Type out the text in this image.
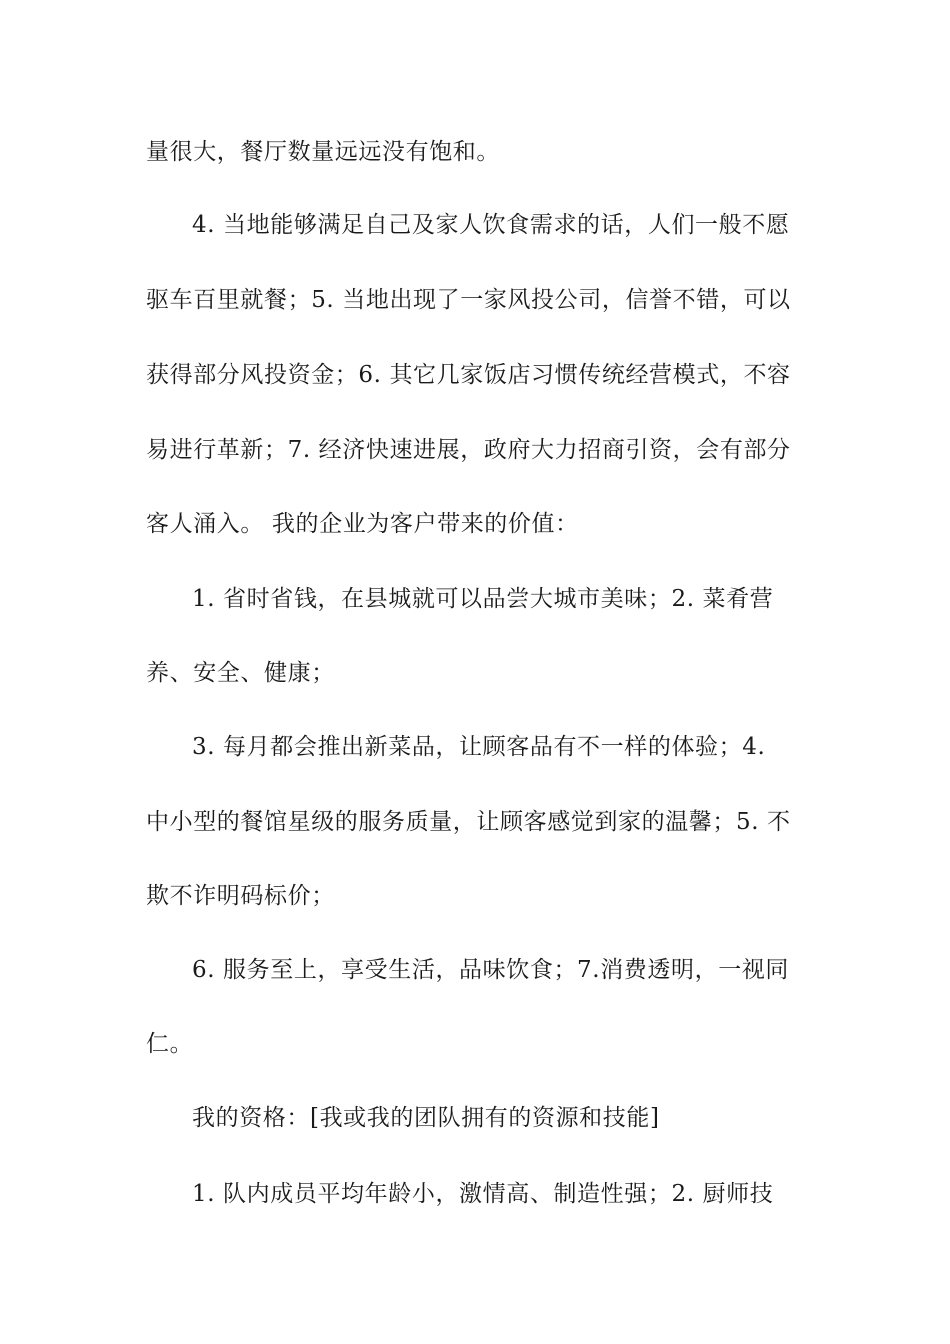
量很大，餐厅数量远远没有饱和。
4. 当地能够满足自己及家人饮食需求的话，人们一般不愿
驱车百里就餐；5. 当地出现了一家风投公司，信誉不错，可以
获得部分风投资金；6. 其它几家饭店习惯传统经营模式，不容
易进行革新；7. 经济快速进展，政府大力招商引资，会有部分
客人涌入。 我的企业为客户带来的价值：
1. 省时省钱，在县城就可以品尝大城市美味；2. 菜肴营
养、安全、健康；
3. 每月都会推出新菜品，让顾客品有不一样的体验；4.
中小型的餐馆星级的服务质量，让顾客感觉到家的温馨；5. 不
欺不诈明码标价；
6. 服务至上，享受生活，品味饮食；7.消费透明，一视同
仁。
我的资格：[我或我的团队拥有的资源和技能]
1. 队内成员平均年龄小，激情高、制造性强；2. 厨师技
